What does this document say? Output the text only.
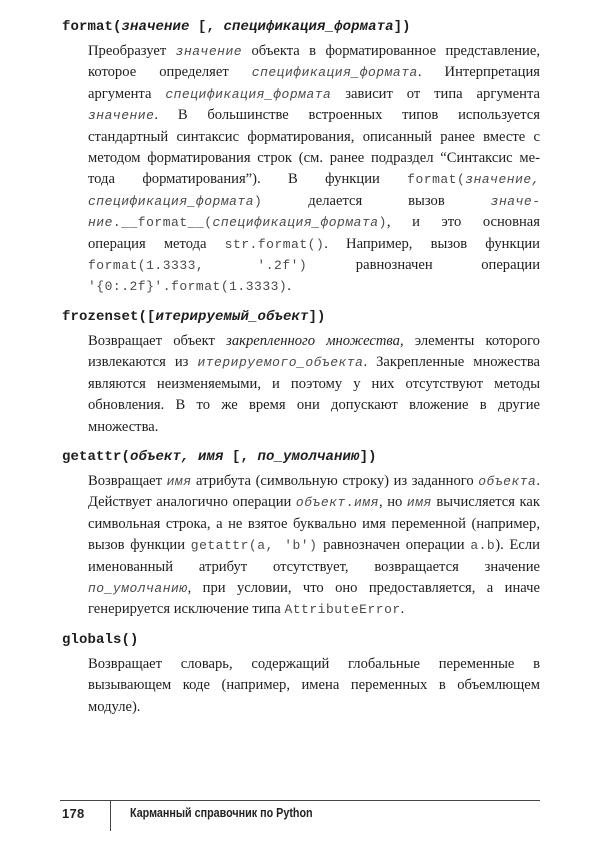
format(значение [, спецификация_формата])

Преобразует значение объекта в форматированное представление, которое определяет спецификация_формата. Интерпретация аргумента спецификация_формата зависит от типа аргумента значение. В большинстве встроенных типов используется стандартный синтаксис форматирования, описанный ранее вместе с методом форматирования строк (см. ранее подраздел “Синтаксис метода форматирования”). В функции format(значение, спецификация_формата) делается вызов значение.__format__(спецификация_формата), и это основная операция метода str.format(). Например, вызов функции format(1.3333, '.2f') равнозначен операции '{0:.2f}'.format(1.3333).

frozenset([итерируемый_объект])

Возвращает объект закрепленного множества, элементы которого извлекаются из итерируемого_объекта. Закрепленные множества являются неизменяемыми, и поэтому у них отсутствуют методы обновления. В то же время они допускают вложение в другие множества.

getattr(объект, имя [, по_умолчанию])

Возвращает имя атрибута (символьную строку) из заданного объекта. Действует аналогично операции объект.имя, но имя вычисляется как символьная строка, а не взятое буквально имя переменной (например, вызов функции getattr(a, 'b') равнозначен операции a.b). Если именованный атрибут отсутствует, возвращается значение по_умолчанию, при условии, что оно предоставляется, а иначе генерируется исключение типа AttributeError.

globals()

Возвращает словарь, содержащий глобальные переменные в вызывающем коде (например, имена переменных в объемлющем модуле).

178	Карманный справочник по Python
